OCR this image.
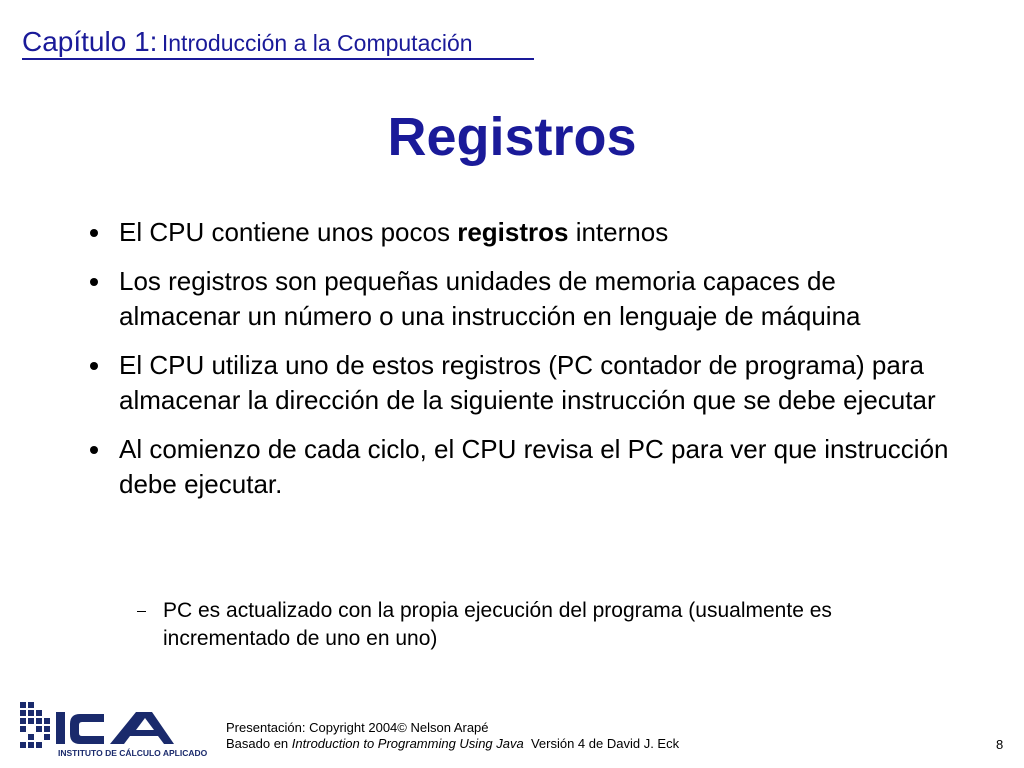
Capítulo 1: Introducción a la Computación
Registros
El CPU contiene unos pocos registros internos
Los registros son pequeñas unidades de memoria capaces de almacenar un número o una instrucción en lenguaje de máquina
El CPU utiliza uno de estos registros (PC contador de programa) para almacenar la dirección de la siguiente instrucción que se debe ejecutar
Al comienzo de cada ciclo, el CPU revisa el PC para ver que instrucción debe ejecutar.
PC es actualizado con la propia ejecución del programa (usualmente es incrementado de uno en uno)
INSTITUTO DE CÁLCULO APLICADO
Presentación: Copyright 2004© Nelson Arapé
Basado en Introduction to Programming Using Java  Versión 4 de David J. Eck	8
